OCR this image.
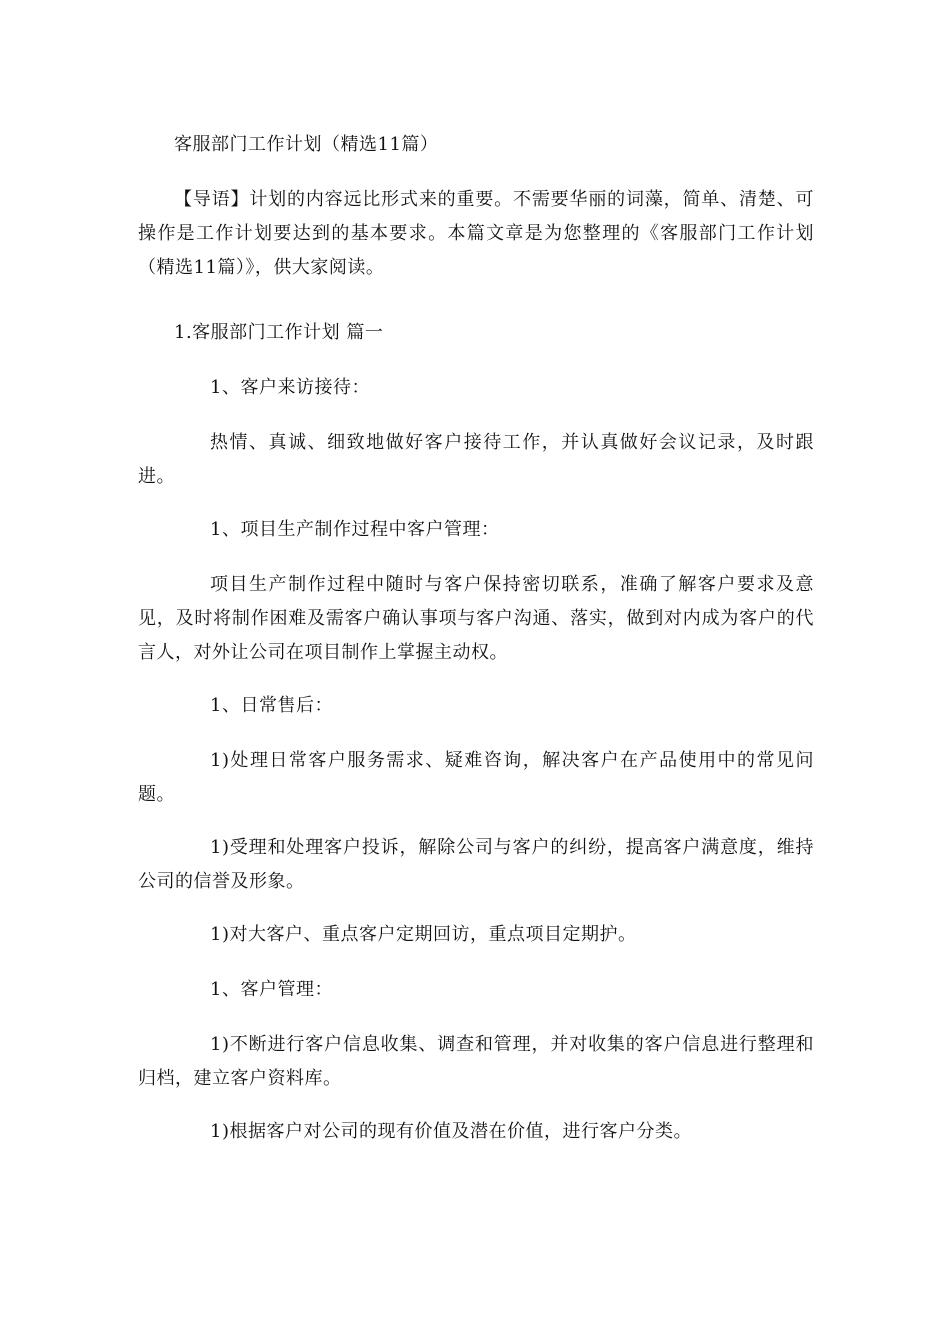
客服部门工作计划（精选11篇）

【导语】计划的内容远比形式来的重要。不需要华丽的词藻，简单、清楚、可操作是工作计划要达到的基本要求。本篇文章是为您整理的《客服部门工作计划（精选11篇）》，供大家阅读。

1.客服部门工作计划 篇一

1、客户来访接待：

热情、真诚、细致地做好客户接待工作，并认真做好会议记录，及时跟进。

1、项目生产制作过程中客户管理：

项目生产制作过程中随时与客户保持密切联系，准确了解客户要求及意见，及时将制作困难及需客户确认事项与客户沟通、落实，做到对内成为客户的代言人，对外让公司在项目制作上掌握主动权。

1、日常售后：

1)处理日常客户服务需求、疑难咨询，解决客户在产品使用中的常见问题。

1)受理和处理客户投诉，解除公司与客户的纠纷，提高客户满意度，维持公司的信誉及形象。

1)对大客户、重点客户定期回访，重点项目定期护。

1、客户管理：

1)不断进行客户信息收集、调查和管理，并对收集的客户信息进行整理和归档，建立客户资料库。

1)根据客户对公司的现有价值及潜在价值，进行客户分类。
